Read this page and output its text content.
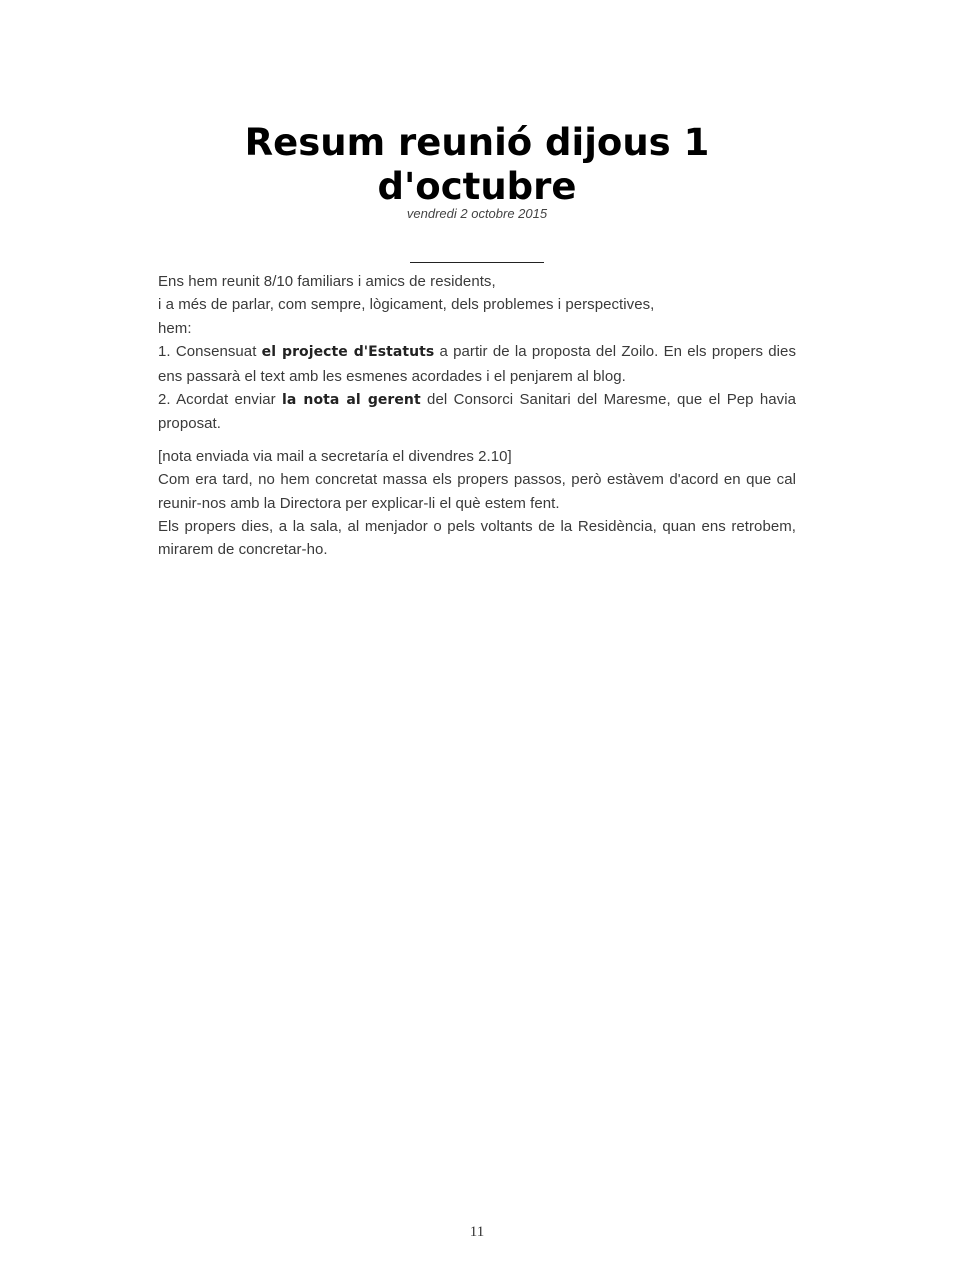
Resum reunió dijous 1 d'octubre
vendredi 2 octobre 2015

Ens hem reunit 8/10 familiars i amics de residents,

i a més de parlar, com sempre, lògicament, dels problemes i perspectives,

hem:

1. Consensuat el projecte d'Estatuts a partir de la proposta del Zoilo. En els propers dies ens passarà el text amb les esmenes acordades i el penjarem al blog.

2. Acordat enviar la nota al gerent del Consorci Sanitari del Maresme, que el Pep havia proposat.

[nota enviada via mail a secretaría el divendres 2.10]

Com era tard, no hem concretat massa els propers passos, però estàvem d'acord en que cal reunir-nos amb la Directora per explicar-li el què estem fent.

Els propers dies, a la sala, al menjador o pels voltants de la Residència, quan ens retrobem, mirarem de concretar-ho.

11
